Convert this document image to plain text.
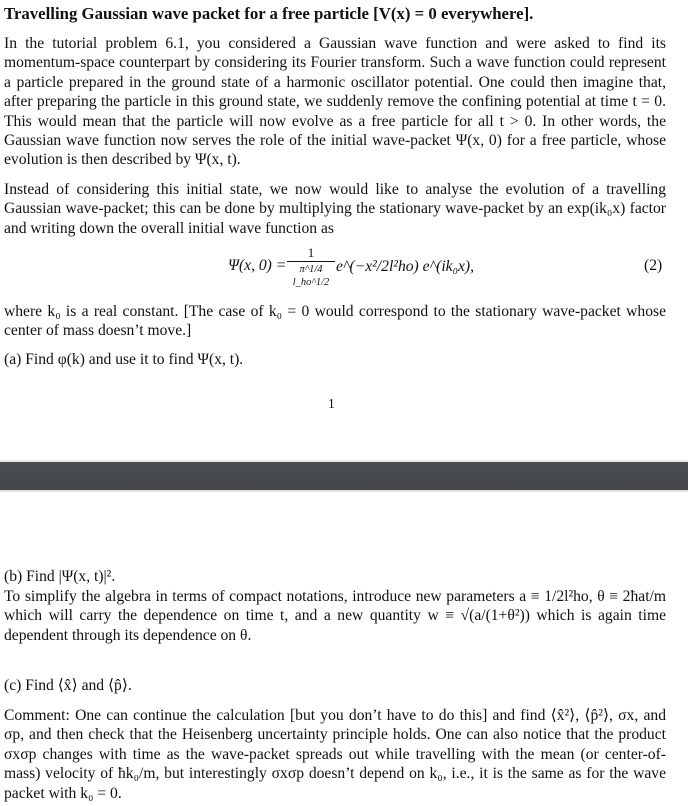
Travelling Gaussian wave packet for a free particle [V(x) = 0 everywhere].
In the tutorial problem 6.1, you considered a Gaussian wave function and were asked to find its momentum-space counterpart by considering its Fourier transform. Such a wave function could represent a particle prepared in the ground state of a harmonic oscillator potential. One could then imagine that, after preparing the particle in this ground state, we suddenly remove the confining potential at time t = 0. This would mean that the particle will now evolve as a free particle for all t > 0. In other words, the Gaussian wave function now serves the role of the initial wave-packet Ψ(x, 0) for a free particle, whose evolution is then described by Ψ(x, t).
Instead of considering this initial state, we now would like to analyse the evolution of a travelling Gaussian wave-packet; this can be done by multiplying the stationary wave-packet by an exp(ik₀x) factor and writing down the overall initial wave function as
Ψ(x, 0) =
1
π^1/4 l_ho^1/2
e^(−x²/2l²ho) e^(ik₀x),	(2)
where k₀ is a real constant. [The case of k₀ = 0 would correspond to the stationary wave-packet whose center of mass doesn’t move.]
(a) Find φ(k) and use it to find Ψ(x, t).
1
(b) Find |Ψ(x, t)|².
To simplify the algebra in terms of compact notations, introduce new parameters a ≡ 1/2l²ho, θ ≡ 2ħat/m which will carry the dependence on time t, and a new quantity w ≡ √(a/(1+θ²)) which is again time dependent through its dependence on θ.
(c) Find ⟨x̂⟩ and ⟨p̂⟩.
Comment: One can continue the calculation [but you don’t have to do this] and find ⟨x̂²⟩, ⟨p̂²⟩, σx, and σp, and then check that the Heisenberg uncertainty principle holds. One can also notice that the product σxσp changes with time as the wave-packet spreads out while travelling with the mean (or center-of-mass) velocity of ħk₀/m, but interestingly σxσp doesn’t depend on k₀, i.e., it is the same as for the wave packet with k₀ = 0.
